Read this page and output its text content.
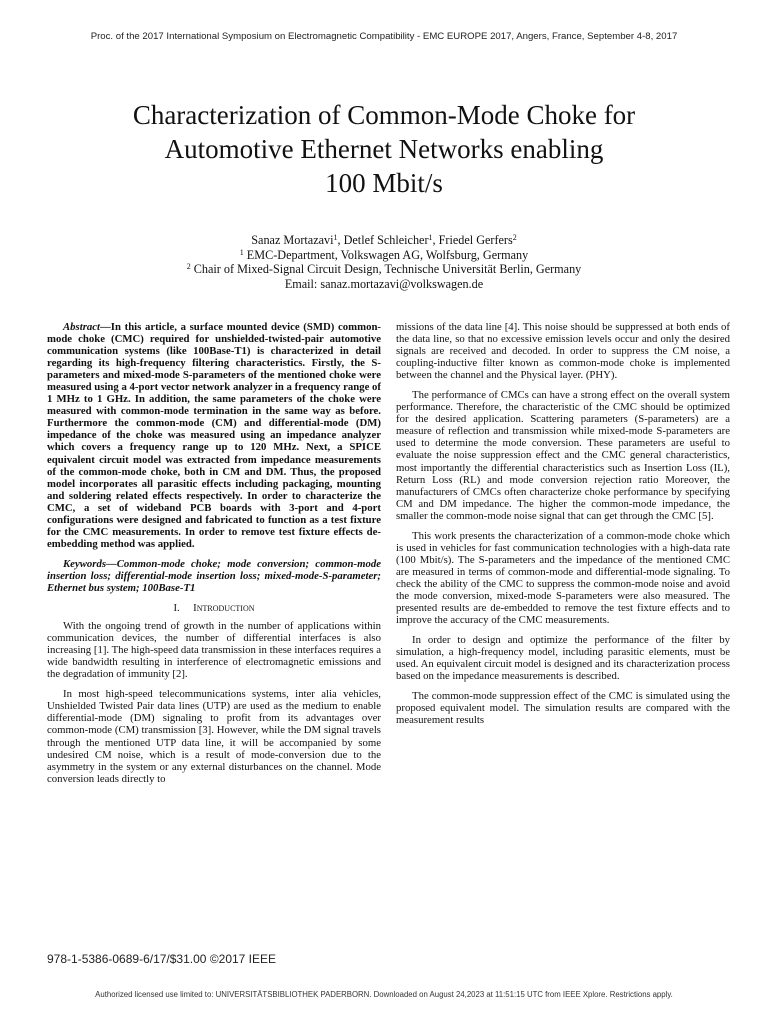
Proc. of the 2017 International Symposium on Electromagnetic Compatibility - EMC EUROPE 2017, Angers, France, September 4-8, 2017
Characterization of Common-Mode Choke for
Automotive Ethernet Networks enabling
100 Mbit/s
Sanaz Mortazavi$^1$, Detlef Schleicher$^1$, Friedel Gerfers$^2$
$^1$ EMC-Department, Volkswagen AG, Wolfsburg, Germany
$^2$ Chair of Mixed-Signal Circuit Design, Technische Universität Berlin, Germany
Email: sanaz.mortazavi@volkswagen.de

Abstract—In this article, a surface mounted device (SMD) common-mode choke (CMC) required for unshielded-twisted-pair automotive communication systems (like 100Base-T1) is characterized in detail regarding its high-frequency filtering characteristics. Firstly, the S-parameters and mixed-mode S-parameters of the mentioned choke were measured using a 4-port vector network analyzer in a frequency range of 1 MHz to 1 GHz. In addition, the same parameters of the choke were measured with common-mode termination in the same way as before. Furthermore the common-mode (CM) and differential-mode (DM) impedance of the choke was measured using an impedance analyzer which covers a frequency range up to 120 MHz. Next, a SPICE equivalent circuit model was extracted from impedance measurements of the common-mode choke, both in CM and DM. Thus, the proposed model incorporates all parasitic effects including packaging, mounting and soldering related effects respectively. In order to characterize the CMC, a set of wideband PCB boards with 3-port and 4-port configurations were designed and fabricated to function as a test fixture for the CMC measurements. In order to remove test fixture effects de-embedding method was applied.

Keywords—Common-mode choke; mode conversion; common-mode insertion loss; differential-mode insertion loss; mixed-mode-S-parameter; Ethernet bus system; 100Base-T1

I. Introduction

With the ongoing trend of growth in the number of applications within communication devices, the number of differential interfaces is also increasing [1]. The high-speed data transmission in these interfaces requires a wide bandwidth resulting in interference of electromagnetic emissions and the degradation of immunity [2].

In most high-speed telecommunications systems, inter alia vehicles, Unshielded Twisted Pair data lines (UTP) are used as the medium to enable differential-mode (DM) signaling to profit from its advantages over common-mode (CM) transmission [3]. However, while the DM signal travels through the mentioned UTP data line, it will be accompanied by some undesired CM noise, which is a result of mode-conversion due to the asymmetry in the system or any external disturbances on the channel. Mode conversion leads directly to

missions of the data line [4]. This noise should be suppressed at both ends of the data line, so that no excessive emission levels occur and only the desired signals are received and decoded. In order to suppress the CM noise, a coupling-inductive filter known as common-mode choke is implemented between the channel and the Physical layer. (PHY).

The performance of CMCs can have a strong effect on the overall system performance. Therefore, the characteristic of the CMC should be optimized for the desired application. Scattering parameters (S-parameters) are a measure of reflection and transmission while mixed-mode S-parameters are used to determine the mode conversion. These parameters are useful to evaluate the noise suppression effect and the CMC general characteristics, most importantly the differential characteristics such as Insertion Loss (IL), Return Loss (RL) and mode conversion rejection ratio Moreover, the manufacturers of CMCs often characterize choke performance by specifying CM and DM impedance. The higher the common-mode impedance, the smaller the common-mode noise signal that can get through the CMC [5].

This work presents the characterization of a common-mode choke which is used in vehicles for fast communication technologies with a high-data rate (100 Mbit/s). The S-parameters and the impedance of the mentioned CMC are measured in terms of common-mode and differential-mode signaling. To check the ability of the CMC to suppress the common-mode noise and avoid the mode conversion, mixed-mode S-parameters were also measured. The presented results are de-embedded to remove the test fixture effects and to improve the accuracy of the CMC measurements.

In order to design and optimize the performance of the filter by simulation, a high-frequency model, including parasitic elements, must be used. An equivalent circuit model is designed and its characterization process based on the impedance measurements is described.

The common-mode suppression effect of the CMC is simulated using the proposed equivalent model. The simulation results are compared with the measurement results

978-1-5386-0689-6/17/$31.00 ©2017 IEEE
Authorized licensed use limited to: UNIVERSITÄTSBIBLIOTHEK PADERBORN. Downloaded on August 24,2023 at 11:51:15 UTC from IEEE Xplore. Restrictions apply.
